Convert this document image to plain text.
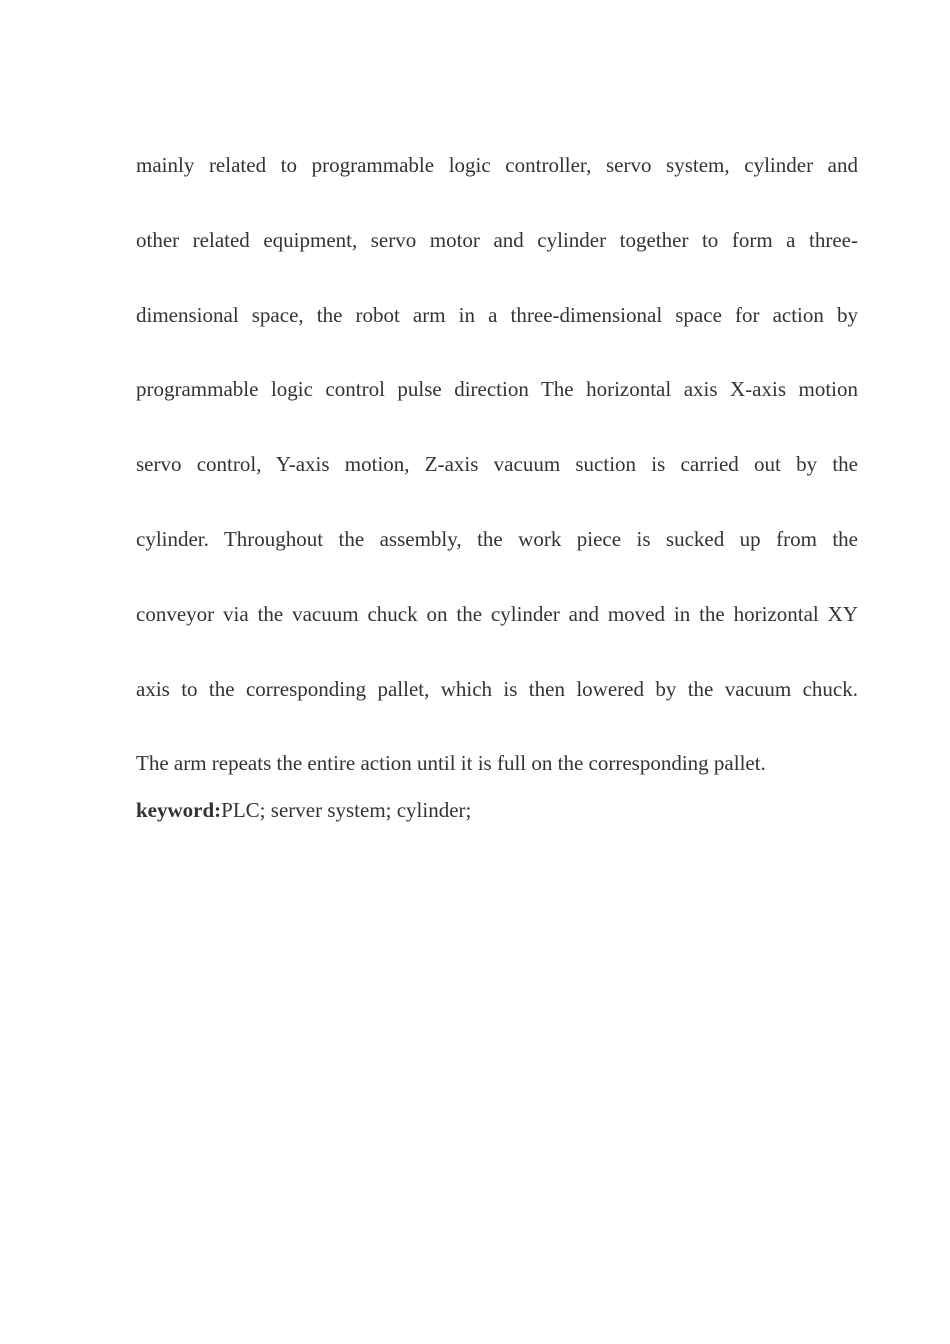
mainly related to programmable logic controller, servo system, cylinder and
other related equipment, servo motor and cylinder together to form a three-
dimensional space, the robot arm in a three-dimensional space for action by
programmable logic control pulse direction The horizontal axis X-axis motion
servo control, Y-axis motion, Z-axis vacuum suction is carried out by the
cylinder. Throughout the assembly, the work piece is sucked up from the
conveyor via the vacuum chuck on the cylinder and moved in the horizontal XY
axis to the corresponding pallet, which is then lowered by the vacuum chuck.
The arm repeats the entire action until it is full on the corresponding pallet.

keyword:PLC; server system; cylinder;
